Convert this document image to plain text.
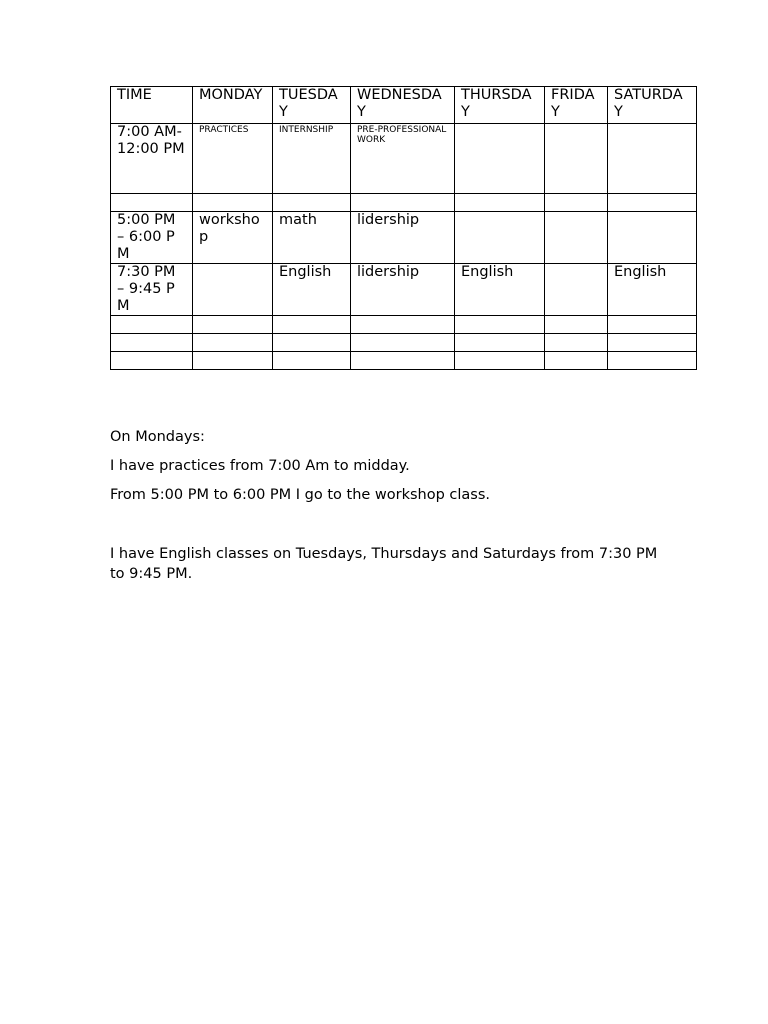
TIME	MONDAY	TUESDAY	WEDNESDAY	THURSDAY	FRIDAY	SATURDAY
7:00 AM-12:00 PM	PRACTICES	INTERNSHIP	PRE-PROFESSIONAL WORK			

5:00 PM – 6:00 PM	workshop	math	lidership			
7:30 PM – 9:45 PM		English	lidership	English		English

On Mondays:

I have practices from 7:00 Am to midday.

From 5:00 PM to 6:00 PM I go to the workshop class.

I have English classes on Tuesdays, Thursdays and Saturdays from 7:30 PM to 9:45 PM.
